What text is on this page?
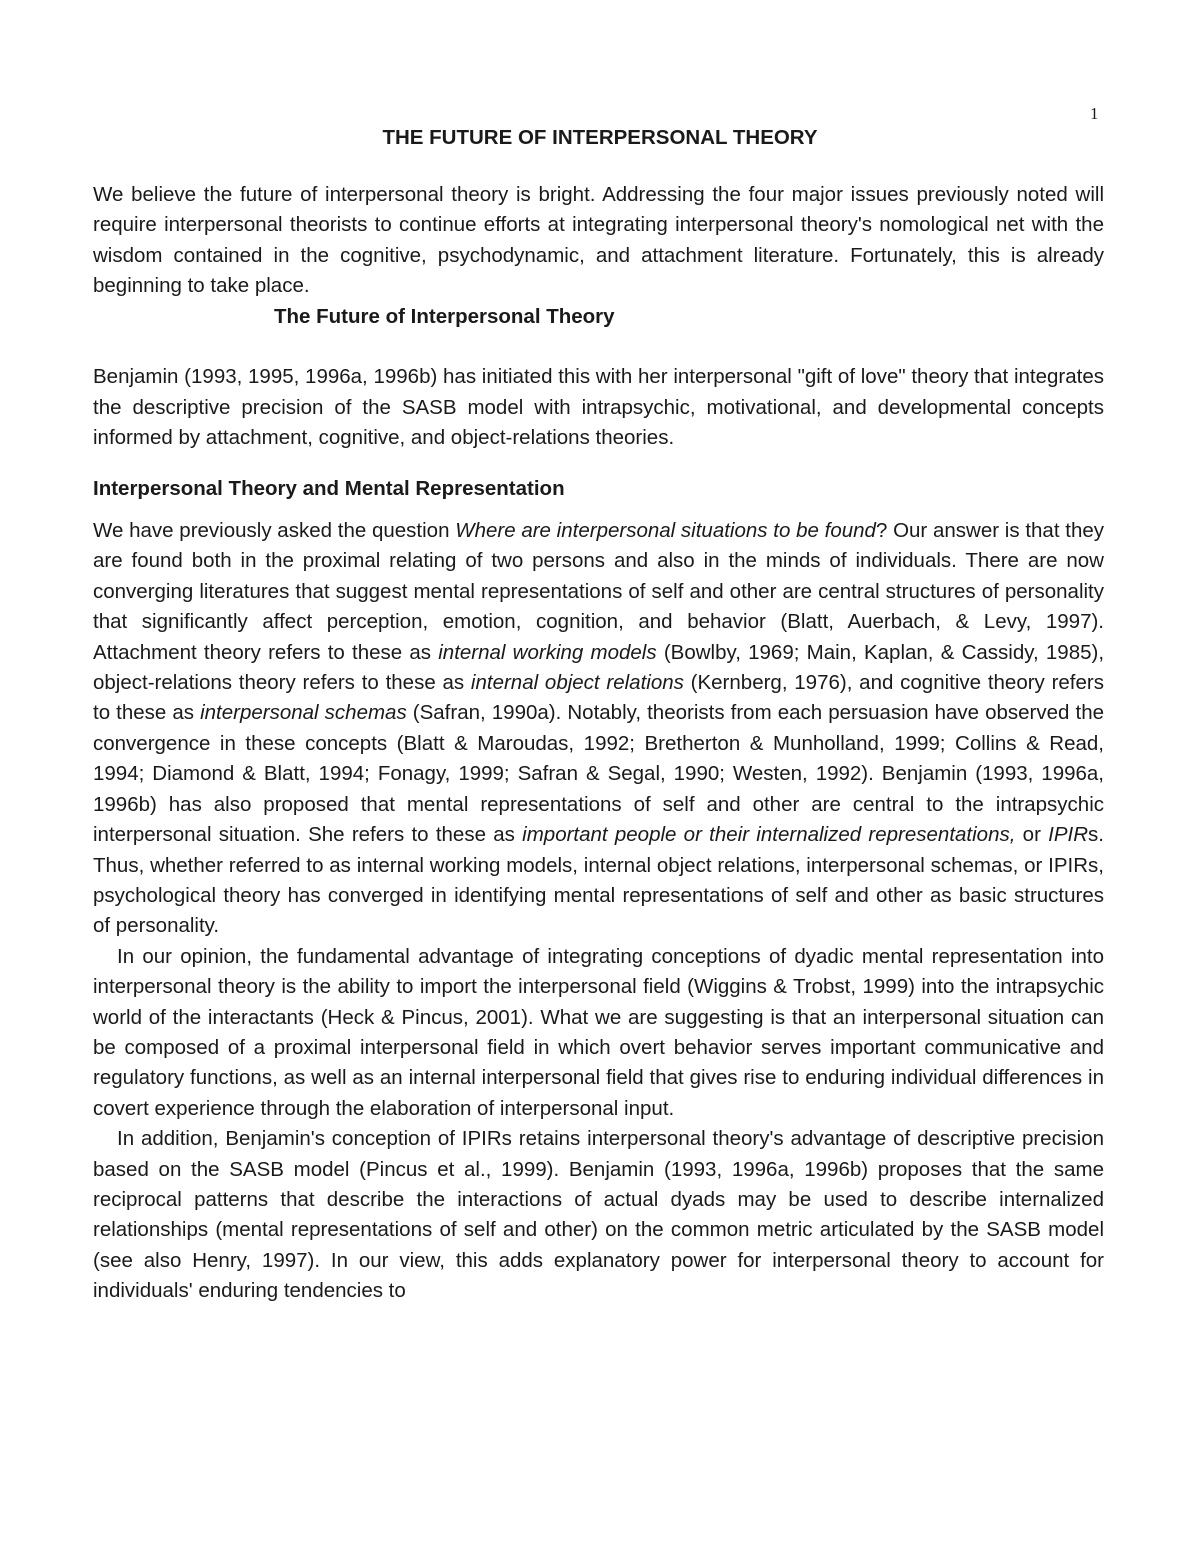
1
THE FUTURE OF INTERPERSONAL THEORY

We believe the future of interpersonal theory is bright. Addressing the four major issues previously noted will require interpersonal theorists to continue efforts at integrating interpersonal theory's nomological net with the wisdom contained in the cognitive, psychodynamic, and attachment literature. Fortunately, this is already beginning to take place.

The Future of Interpersonal Theory

Benjamin (1993, 1995, 1996a, 1996b) has initiated this with her interpersonal "gift of love" theory that integrates the descriptive precision of the SASB model with intrapsychic, motivational, and developmental concepts informed by attachment, cognitive, and object-relations theories.

Interpersonal Theory and Mental Representation

We have previously asked the question Where are interpersonal situations to be found? Our answer is that they are found both in the proximal relating of two persons and also in the minds of individuals. There are now converging literatures that suggest mental representations of self and other are central structures of personality that significantly affect perception, emotion, cognition, and behavior (Blatt, Auerbach, & Levy, 1997). Attachment theory refers to these as internal working models (Bowlby, 1969; Main, Kaplan, & Cassidy, 1985), object-relations theory refers to these as internal object relations (Kernberg, 1976), and cognitive theory refers to these as interpersonal schemas (Safran, 1990a). Notably, theorists from each persuasion have observed the convergence in these concepts (Blatt & Maroudas, 1992; Bretherton & Munholland, 1999; Collins & Read, 1994; Diamond & Blatt, 1994; Fonagy, 1999; Safran & Segal, 1990; Westen, 1992). Benjamin (1993, 1996a, 1996b) has also proposed that mental representations of self and other are central to the intrapsychic interpersonal situation. She refers to these as important people or their internalized representations, or IPIRs. Thus, whether referred to as internal working models, internal object relations, interpersonal schemas, or IPIRs, psychological theory has converged in identifying mental representations of self and other as basic structures of personality.

In our opinion, the fundamental advantage of integrating conceptions of dyadic mental representation into interpersonal theory is the ability to import the interpersonal field (Wiggins & Trobst, 1999) into the intrapsychic world of the interactants (Heck & Pincus, 2001). What we are suggesting is that an interpersonal situation can be composed of a proximal interpersonal field in which overt behavior serves important communicative and regulatory functions, as well as an internal interpersonal field that gives rise to enduring individual differences in covert experience through the elaboration of interpersonal input.

In addition, Benjamin's conception of IPIRs retains interpersonal theory's advantage of descriptive precision based on the SASB model (Pincus et al., 1999). Benjamin (1993, 1996a, 1996b) proposes that the same reciprocal patterns that describe the interactions of actual dyads may be used to describe internalized relationships (mental representations of self and other) on the common metric articulated by the SASB model (see also Henry, 1997). In our view, this adds explanatory power for interpersonal theory to account for individuals' enduring tendencies to
